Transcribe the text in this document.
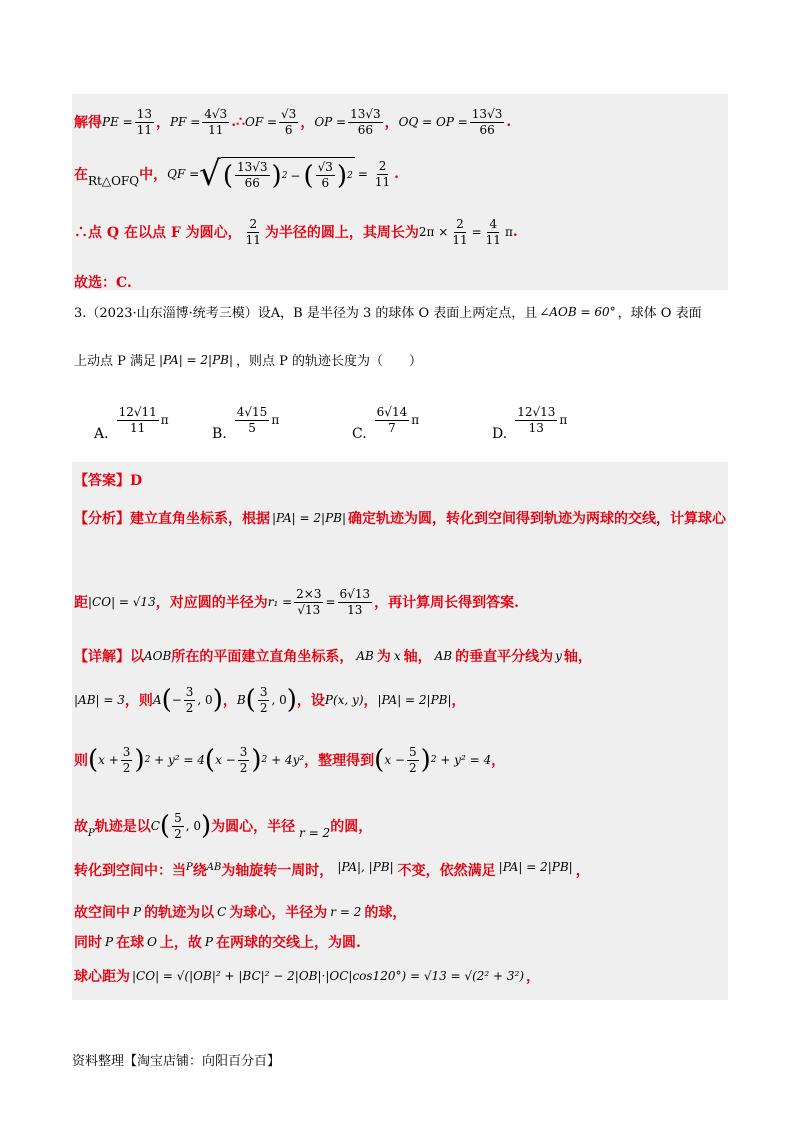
解得 PE = $\frac{13}{11}$ ， PF = $\frac{4√3}{11}$ . ∴ OF = $\frac{√3}{6}$ ， OP = $\frac{13√3}{66}$ ， OQ = OP = $\frac{13√3}{66}$ .
在 Rt△OFQ 中， QF = √ ( $\frac{13√3}{66}$ ) 2 − ( $\frac{√3}{6}$ ) $2 = \frac{2}{11}$ .
∴点 Q 在以点 F 为圆心， $\frac{2}{11}$ 为半径的圆上，其周长为 $2\pi \times \frac{2}{11} = \frac{4}{11}$ π .
故选：C.
3.（2023·山东淄博·统考三模）设 A，B 是半径为 3 的球体 O 表面上两定点，且 ∠AOB = 60° ，球体 O 表面
上动点 P 满足 |PA| = 2|PB| ，则点 P 的轨迹长度为（　　）
A. $\frac{12√11}{11}$ π
B. $\frac{4√15}{5}$ π
C. $\frac{6√14}{7}$ π
D. $\frac{12√13}{13}$ π
【答案】D
【分析】建立直角坐标系，根据 |PA| = 2|PB| 确定轨迹为圆，转化到空间得到轨迹为两球的交线，计算球心
距 |CO| = √13 ，对应圆的半径为 $r_1 = \frac{2\times 3}{√13} = \frac{6√13}{13}$ ，再计算周长得到答案.
【详解】以 AOB 所在的平面建立直角坐标系， AB 为 x 轴， AB 的垂直平分线为 y 轴，
|AB| = 3 ，则 A ( − $\frac{3}{2}$ , 0 ) ， B ( $\frac{3}{2}$ , 0 ) ，设 P(x, y) ， |PA| = 2|PB| ，
则 ( $x + \frac{3}{2}$ ) 2 + y² = 4 ( $x - \frac{3}{2}$ ) 2 + 4y² ，整理得到 ( $x - \frac{5}{2}$ ) 2 + y² = 4 ，
故 P 轨迹是以 C ( $\frac{5}{2}$ , 0 ) 为圆心，半径 r = 2 的圆，
转化到空间中：当 P 绕 AB 为轴旋转一周时， |PA|, |PB| 不变，依然满足 |PA| = 2|PB| ，
故空间中 P 的轨迹为以 C 为球心，半径为 r = 2 的球，
同时 P 在球 O 上，故 P 在两球的交线上，为圆.
球心距为 |CO| = √(|OB|² + |BC|² − 2|OB|·|OC|cos120°) = √13 = √(2² + 3²) ，
资料整理【淘宝店铺：向阳百分百】
